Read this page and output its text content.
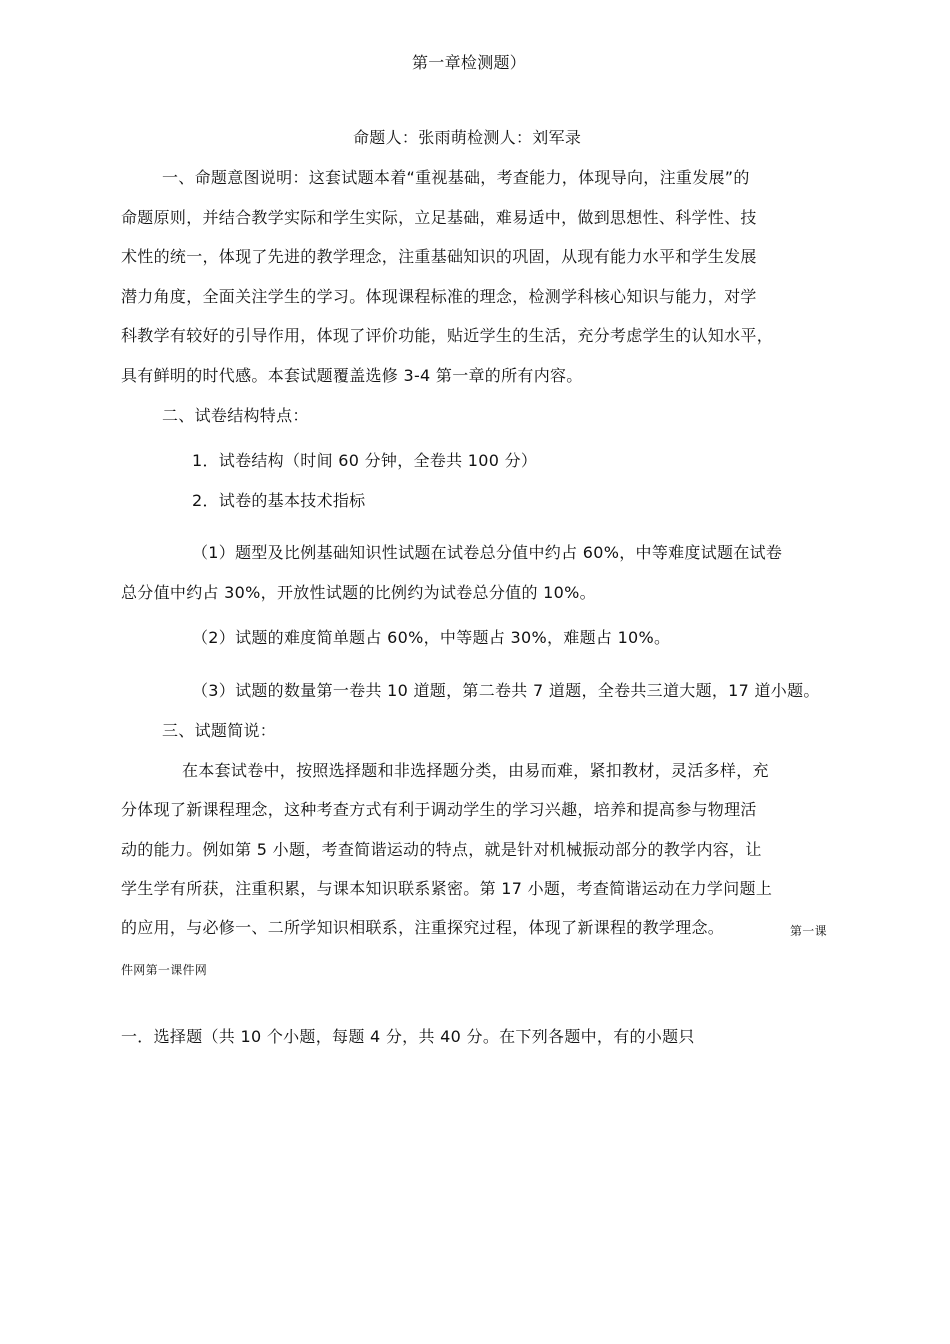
第一章检测题）
命题人：张雨萌检测人：刘军录
一、命题意图说明：这套试题本着“重视基础，考查能力，体现导向，注重发展”的
命题原则，并结合教学实际和学生实际，立足基础，难易适中，做到思想性、科学性、技
术性的统一，体现了先进的教学理念，注重基础知识的巩固，从现有能力水平和学生发展
潜力角度，全面关注学生的学习。体现课程标准的理念，检测学科核心知识与能力，对学
科教学有较好的引导作用，体现了评价功能，贴近学生的生活，充分考虑学生的认知水平，
具有鲜明的时代感。本套试题覆盖选修 3-4 第一章的所有内容。
二、试卷结构特点：
1．试卷结构（时间 60 分钟，全卷共 100 分）
2．试卷的基本技术指标
（1）题型及比例基础知识性试题在试卷总分值中约占 60%，中等难度试题在试卷
总分值中约占 30%，开放性试题的比例约为试卷总分值的 10%。
（2）试题的难度简单题占 60%，中等题占 30%，难题占 10%。
（3）试题的数量第一卷共 10 道题，第二卷共 7 道题，全卷共三道大题，17 道小题。
三、试题简说：
在本套试卷中，按照选择题和非选择题分类，由易而难，紧扣教材，灵活多样，充
分体现了新课程理念，这种考查方式有利于调动学生的学习兴趣，培养和提高参与物理活
动的能力。例如第 5 小题，考查简谐运动的特点，就是针对机械振动部分的教学内容，让
学生学有所获，注重积累，与课本知识联系紧密。第 17 小题，考查简谐运动在力学问题上
的应用，与必修一、二所学知识相联系，注重探究过程，体现了新课程的教学理念。	第一课
件网第一课件网
一．选择题（共 10 个小题，每题 4 分，共 40 分。在下列各题中，有的小题只
